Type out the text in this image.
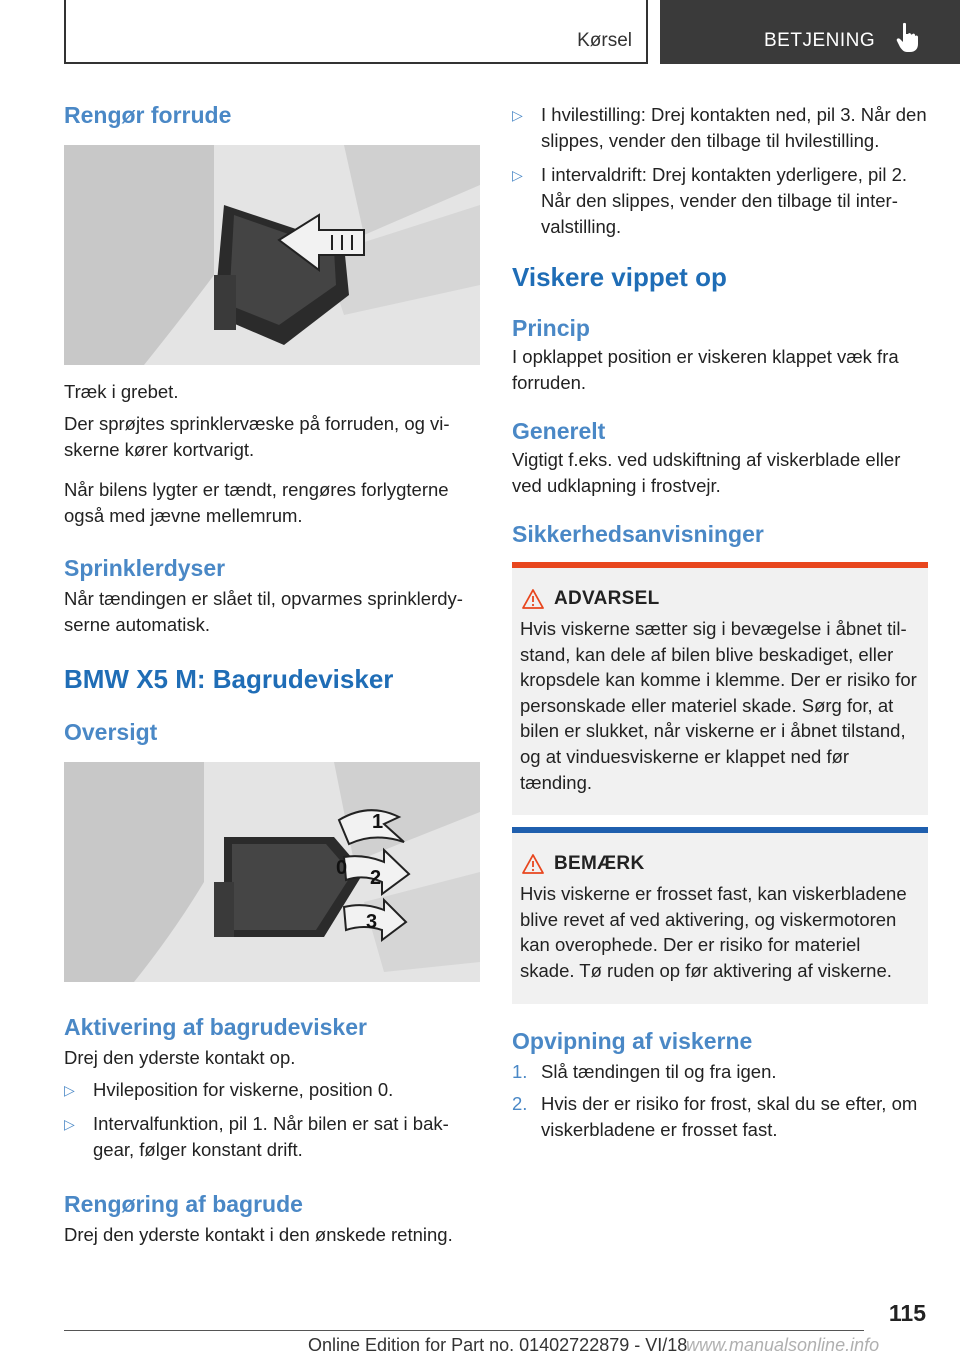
Kørsel	BETJENING
Rengør forrude

Træk i grebet.

Der sprøjtes sprinklervæske på forruden, og viskerne kører kortvarigt.

Når bilens lygter er tændt, rengøres forlygterne også med jævne mellemrum.

Sprinklerdyser

Når tændingen er slået til, opvarmes sprinklerdyserne automatisk.

BMW X5 M: Bagrudevisker
Oversigt
1
0 2
3
Aktivering af bagrudevisker

Drej den yderste kontakt op.

▷ Hvileposition for viskerne, position 0.
▷ Intervalfunktion, pil 1. Når bilen er sat i bakgear, følger konstant drift.
Rengøring af bagrude

Drej den yderste kontakt i den ønskede retning.

▷ I hvilestilling: Drej kontakten ned, pil 3. Når den slippes, vender den tilbage til hvilestilling.
▷ I intervaldrift: Drej kontakten yderligere, pil 2. Når den slippes, vender den tilbage til intervalstilling.
Viskere vippet op
Princip

I opklappet position er viskeren klappet væk fra forruden.

Generelt

Vigtigt f.eks. ved udskiftning af viskerblade eller ved udklapning i frostvejr.

Sikkerhedsanvisninger
ADVARSEL
Hvis viskerne sætter sig i bevægelse i åbnet tilstand, kan dele af bilen blive beskadiget, eller kropsdele kan komme i klemme. Der er risiko for personskade eller materiel skade. Sørg for, at bilen er slukket, når viskerne er i åbnet tilstand, og at vinduesviskerne er klappet ned før tænding.
BEMÆRK
Hvis viskerne er frosset fast, kan viskerbladene blive revet af ved aktivering, og viskermotoren kan overophede. Der er risiko for materiel skade. Tø ruden op før aktivering af viskerne.
Opvipning af viskerne
1. Slå tændingen til og fra igen.
2. Hvis der er risiko for frost, skal du se efter, om viskerbladene er frosset fast.
115
Online Edition for Part no. 01402722879 - VI/18
www.manualsonline.info
